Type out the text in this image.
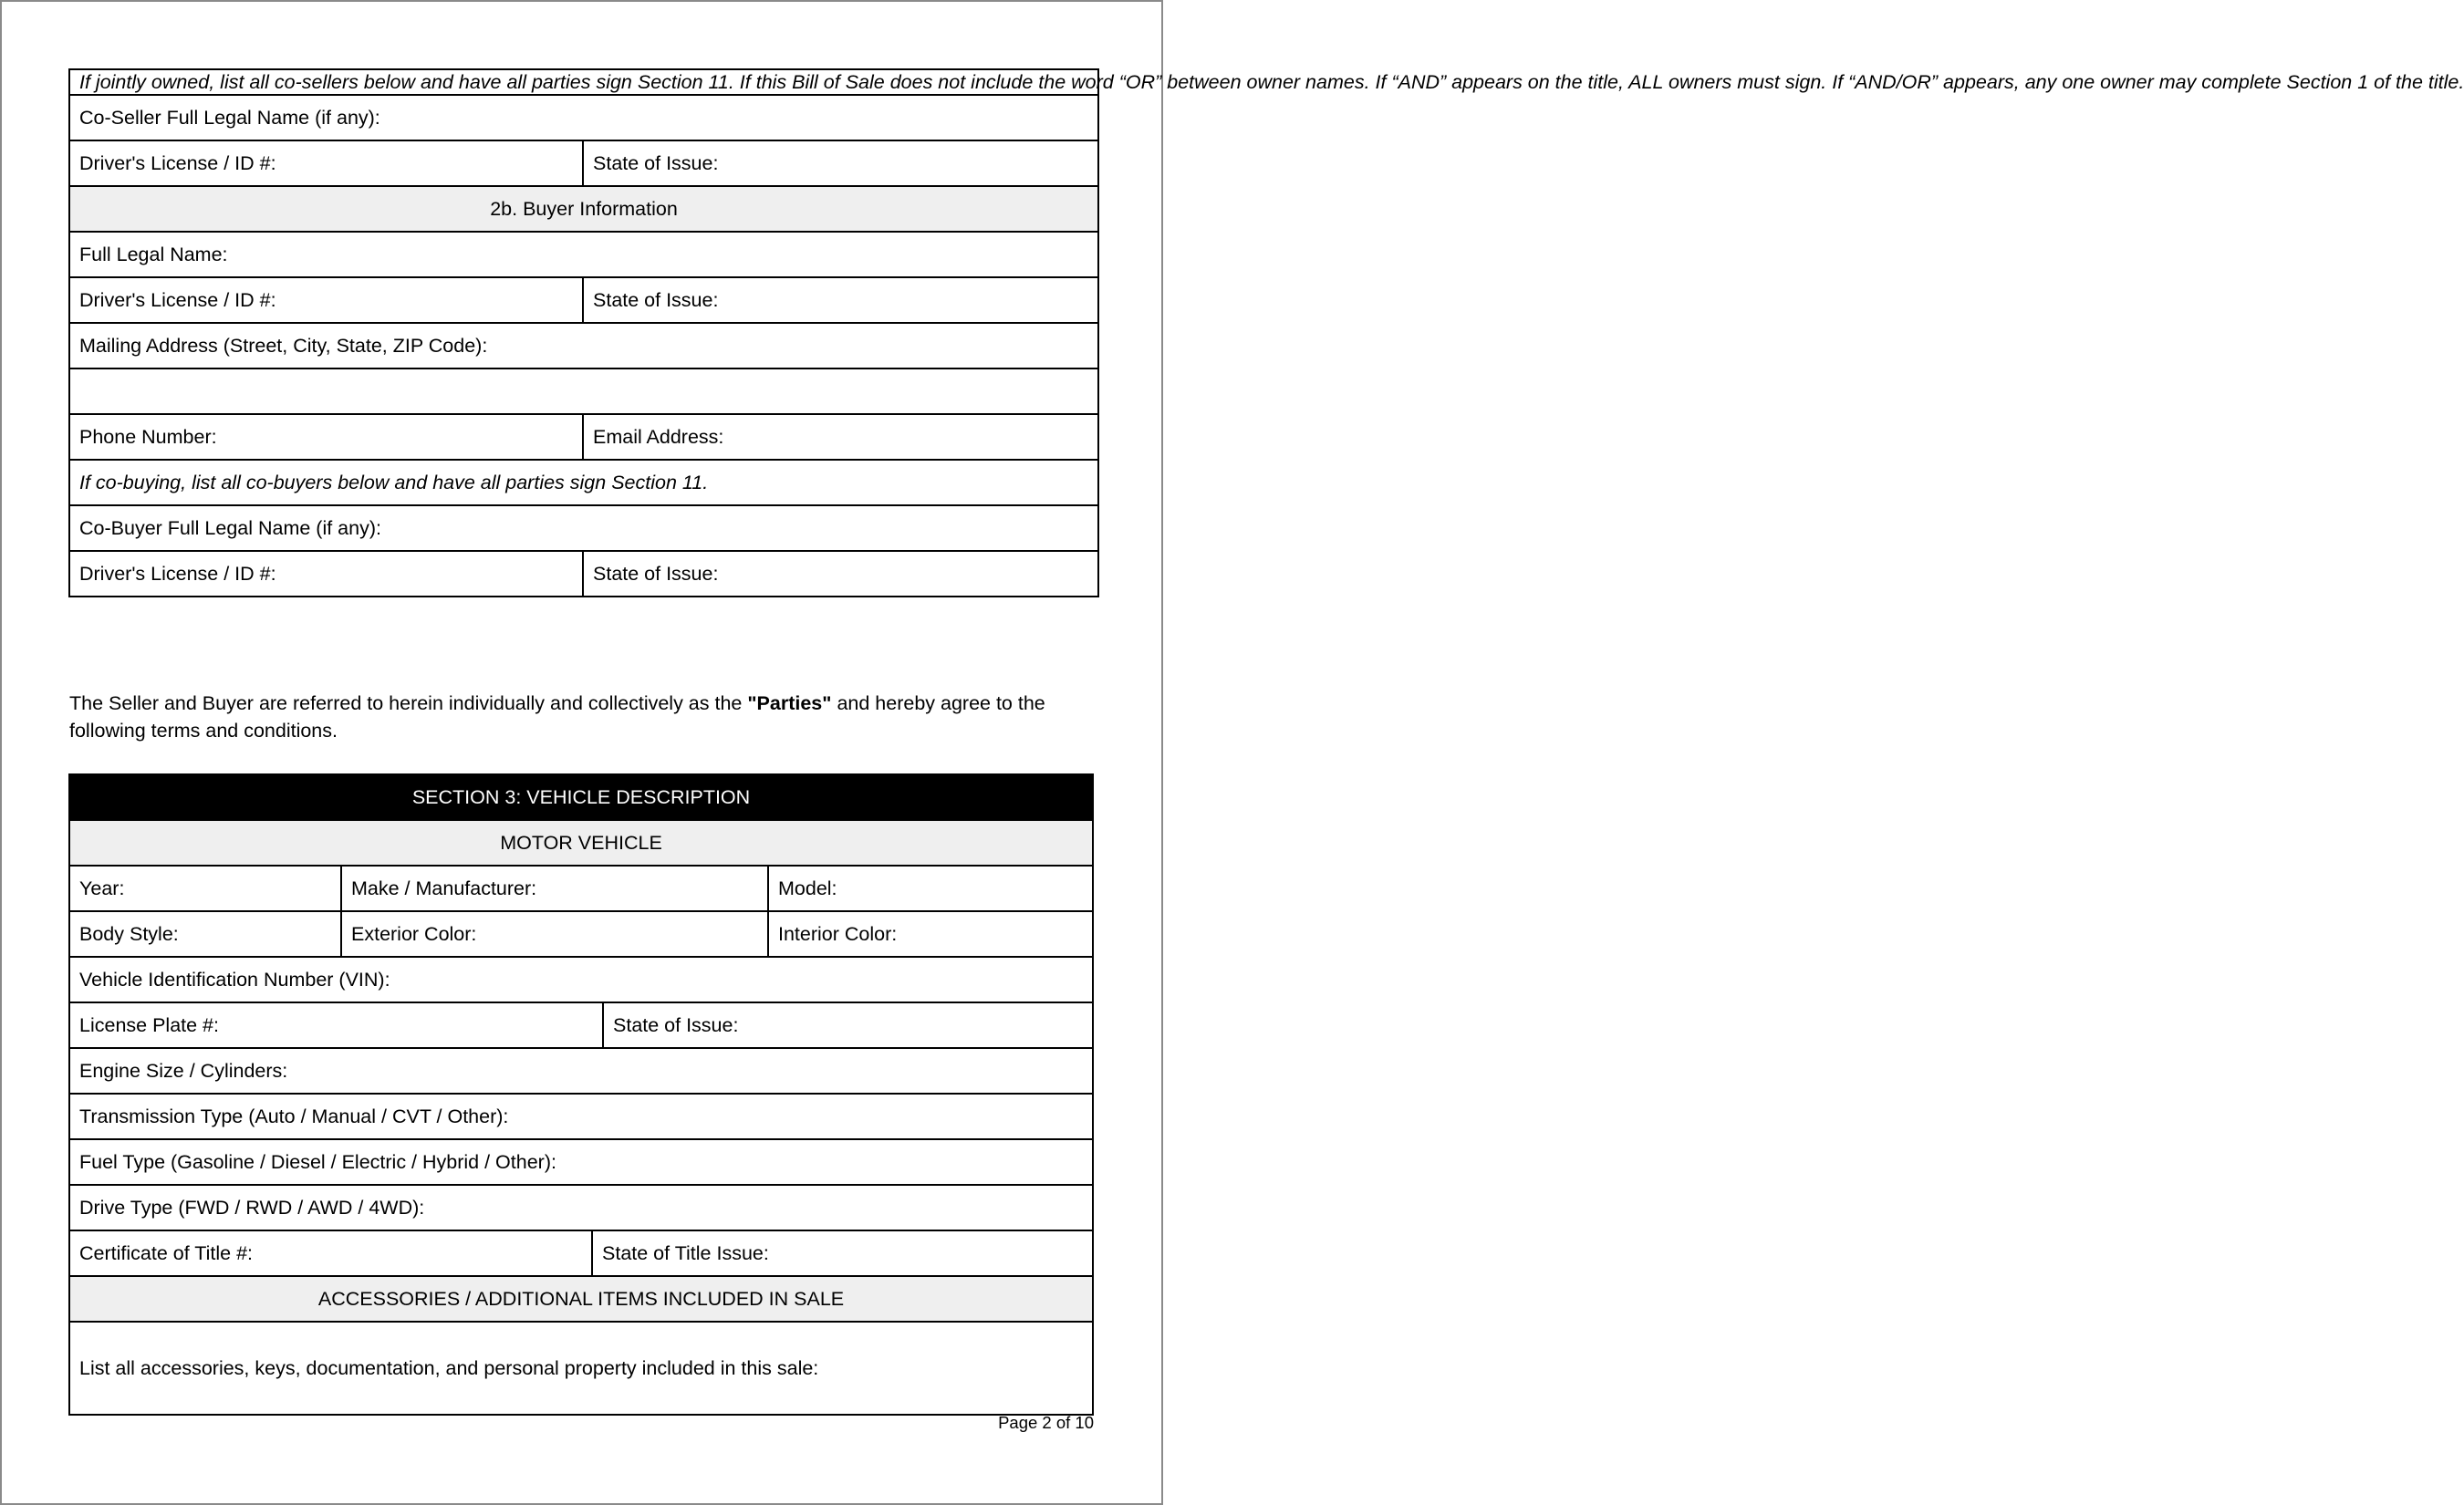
If jointly owned, list all co-sellers below and have all parties sign Section 11. If this Bill of Sale does not include the word “OR” between owner names. If “AND” appears on the title, ALL owners must sign. If “AND/OR” appears, any one owner may complete Section 1 of the title.	
Co-Seller Full Legal Name (if any):	
Driver's License / ID #:	State of Issue:
2b. Buyer Information	
Full Legal Name:	
Driver's License / ID #:	State of Issue:
Mailing Address (Street, City, State, ZIP Code):	

Phone Number:	Email Address:
If co-buying, list all co-buyers below and have all parties sign Section 11.	
Co-Buyer Full Legal Name (if any):	
Driver's License / ID #:	State of Issue:
The Seller and Buyer are referred to herein individually and collectively as the "Parties" and hereby agree to the following terms and conditions.
SECTION 3: VEHICLE DESCRIPTION				
MOTOR VEHICLE				
Year:	Make / Manufacturer:			Model:
Body Style:	Exterior Color:			Interior Color:
Vehicle Identification Number (VIN):				
License Plate #:			State of Issue:	
Engine Size / Cylinders:				
Transmission Type (Auto / Manual / CVT / Other):				
Fuel Type (Gasoline / Diesel / Electric / Hybrid / Other):				
Drive Type (FWD / RWD / AWD / 4WD):				
Certificate of Title #:		State of Title Issue:		
ACCESSORIES / ADDITIONAL ITEMS INCLUDED IN SALE				
List all accessories, keys, documentation, and personal property included in this sale:				
Page 2 of 10
